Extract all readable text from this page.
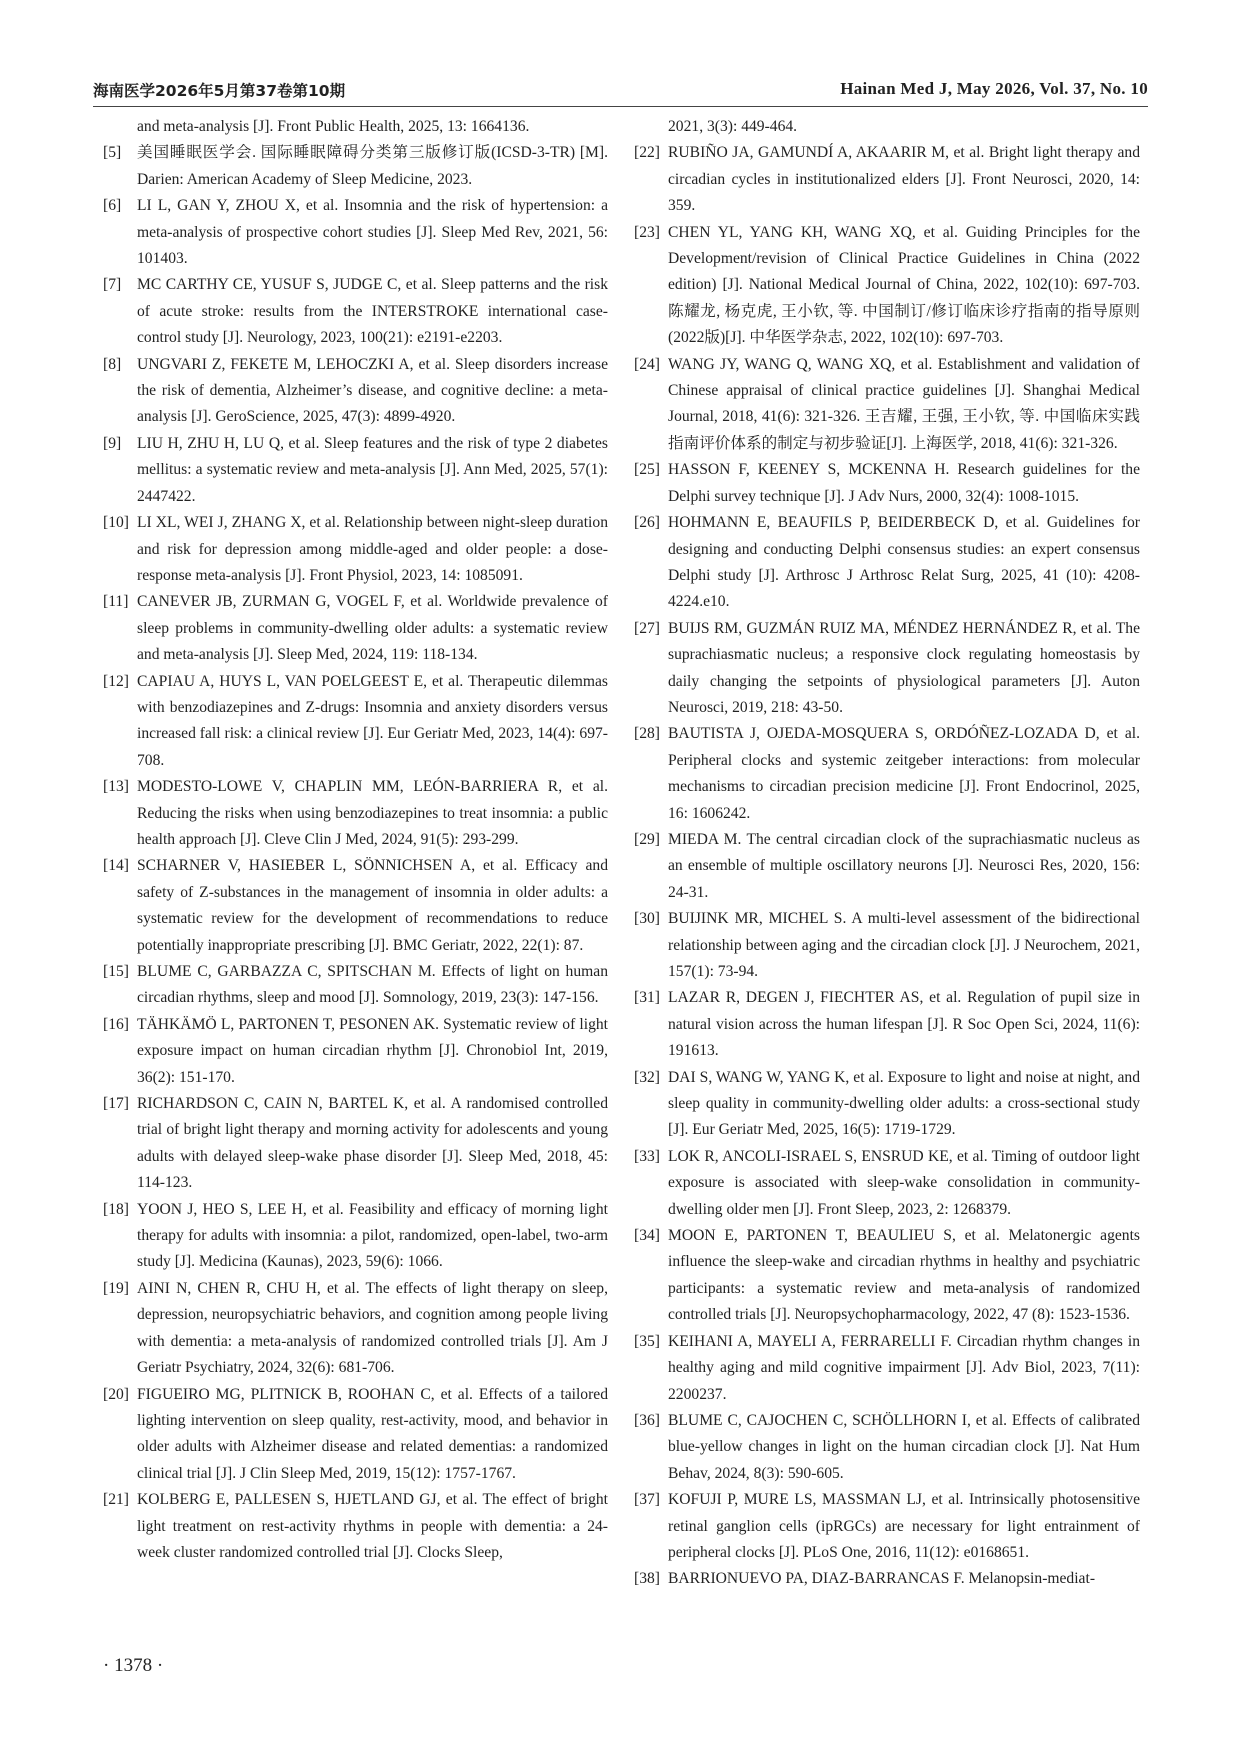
海南医学2026年5月第37卷第10期	Hainan Med J, May 2026, Vol. 37, No. 10
and meta-analysis [J]. Front Public Health, 2025, 13: 1664136.
[5] 美国睡眠医学会. 国际睡眠障碍分类第三版修订版(ICSD-3-TR) [M]. Darien: American Academy of Sleep Medicine, 2023.
[6] LI L, GAN Y, ZHOU X, et al. Insomnia and the risk of hypertension: a meta-analysis of prospective cohort studies [J]. Sleep Med Rev, 2021, 56: 101403.
[7] MC CARTHY CE, YUSUF S, JUDGE C, et al. Sleep patterns and the risk of acute stroke: results from the INTERSTROKE international case-control study [J]. Neurology, 2023, 100(21): e2191-e2203.
[8] UNGVARI Z, FEKETE M, LEHOCZKI A, et al. Sleep disorders increase the risk of dementia, Alzheimer’s disease, and cognitive decline: a meta-analysis [J]. GeroScience, 2025, 47(3): 4899-4920.
[9] LIU H, ZHU H, LU Q, et al. Sleep features and the risk of type 2 diabetes mellitus: a systematic review and meta-analysis [J]. Ann Med, 2025, 57(1): 2447422.
[10] LI XL, WEI J, ZHANG X, et al. Relationship between night-sleep duration and risk for depression among middle-aged and older people: a dose-response meta-analysis [J]. Front Physiol, 2023, 14: 1085091.
[11] CANEVER JB, ZURMAN G, VOGEL F, et al. Worldwide prevalence of sleep problems in community-dwelling older adults: a systematic review and meta-analysis [J]. Sleep Med, 2024, 119: 118-134.
[12] CAPIAU A, HUYS L, VAN POELGEEST E, et al. Therapeutic dilemmas with benzodiazepines and Z-drugs: Insomnia and anxiety disorders versus increased fall risk: a clinical review [J]. Eur Geriatr Med, 2023, 14(4): 697-708.
[13] MODESTO-LOWE V, CHAPLIN MM, LEÓN-BARRIERA R, et al. Reducing the risks when using benzodiazepines to treat insomnia: a public health approach [J]. Cleve Clin J Med, 2024, 91(5): 293-299.
[14] SCHARNER V, HASIEBER L, SÖNNICHSEN A, et al. Efficacy and safety of Z-substances in the management of insomnia in older adults: a systematic review for the development of recommendations to reduce potentially inappropriate prescribing [J]. BMC Geriatr, 2022, 22(1): 87.
[15] BLUME C, GARBAZZA C, SPITSCHAN M. Effects of light on human circadian rhythms, sleep and mood [J]. Somnology, 2019, 23(3): 147-156.
[16] TÄHKÄMÖ L, PARTONEN T, PESONEN AK. Systematic review of light exposure impact on human circadian rhythm [J]. Chronobiol Int, 2019, 36(2): 151-170.
[17] RICHARDSON C, CAIN N, BARTEL K, et al. A randomised controlled trial of bright light therapy and morning activity for adolescents and young adults with delayed sleep-wake phase disorder [J]. Sleep Med, 2018, 45: 114-123.
[18] YOON J, HEO S, LEE H, et al. Feasibility and efficacy of morning light therapy for adults with insomnia: a pilot, randomized, open-label, two-arm study [J]. Medicina (Kaunas), 2023, 59(6): 1066.
[19] AINI N, CHEN R, CHU H, et al. The effects of light therapy on sleep, depression, neuropsychiatric behaviors, and cognition among people living with dementia: a meta-analysis of randomized controlled trials [J]. Am J Geriatr Psychiatry, 2024, 32(6): 681-706.
[20] FIGUEIRO MG, PLITNICK B, ROOHAN C, et al. Effects of a tailored lighting intervention on sleep quality, rest-activity, mood, and behavior in older adults with Alzheimer disease and related dementias: a randomized clinical trial [J]. J Clin Sleep Med, 2019, 15(12): 1757-1767.
[21] KOLBERG E, PALLESEN S, HJETLAND GJ, et al. The effect of bright light treatment on rest-activity rhythms in people with dementia: a 24-week cluster randomized controlled trial [J]. Clocks Sleep,
2021, 3(3): 449-464.
[22] RUBIÑO JA, GAMUNDÍ A, AKAARIR M, et al. Bright light therapy and circadian cycles in institutionalized elders [J]. Front Neurosci, 2020, 14: 359.
[23] CHEN YL, YANG KH, WANG XQ, et al. Guiding Principles for the Development/revision of Clinical Practice Guidelines in China (2022 edition) [J]. National Medical Journal of China, 2022, 102(10): 697-703. 陈耀龙, 杨克虎, 王小钦, 等. 中国制订/修订临床诊疗指南的指导原则(2022版)[J]. 中华医学杂志, 2022, 102(10): 697-703.
[24] WANG JY, WANG Q, WANG XQ, et al. Establishment and validation of Chinese appraisal of clinical practice guidelines [J]. Shanghai Medical Journal, 2018, 41(6): 321-326. 王吉耀, 王强, 王小钦, 等. 中国临床实践指南评价体系的制定与初步验证[J]. 上海医学, 2018, 41(6): 321-326.
[25] HASSON F, KEENEY S, MCKENNA H. Research guidelines for the Delphi survey technique [J]. J Adv Nurs, 2000, 32(4): 1008-1015.
[26] HOHMANN E, BEAUFILS P, BEIDERBECK D, et al. Guidelines for designing and conducting Delphi consensus studies: an expert consensus Delphi study [J]. Arthrosc J Arthrosc Relat Surg, 2025, 41 (10): 4208-4224.e10.
[27] BUIJS RM, GUZMÁN RUIZ MA, MÉNDEZ HERNÁNDEZ R, et al. The suprachiasmatic nucleus; a responsive clock regulating homeostasis by daily changing the setpoints of physiological parameters [J]. Auton Neurosci, 2019, 218: 43-50.
[28] BAUTISTA J, OJEDA-MOSQUERA S, ORDÓÑEZ-LOZADA D, et al. Peripheral clocks and systemic zeitgeber interactions: from molecular mechanisms to circadian precision medicine [J]. Front Endocrinol, 2025, 16: 1606242.
[29] MIEDA M. The central circadian clock of the suprachiasmatic nucleus as an ensemble of multiple oscillatory neurons [J]. Neurosci Res, 2020, 156: 24-31.
[30] BUIJINK MR, MICHEL S. A multi-level assessment of the bidirectional relationship between aging and the circadian clock [J]. J Neurochem, 2021, 157(1): 73-94.
[31] LAZAR R, DEGEN J, FIECHTER AS, et al. Regulation of pupil size in natural vision across the human lifespan [J]. R Soc Open Sci, 2024, 11(6): 191613.
[32] DAI S, WANG W, YANG K, et al. Exposure to light and noise at night, and sleep quality in community-dwelling older adults: a cross-sectional study [J]. Eur Geriatr Med, 2025, 16(5): 1719-1729.
[33] LOK R, ANCOLI-ISRAEL S, ENSRUD KE, et al. Timing of outdoor light exposure is associated with sleep-wake consolidation in community-dwelling older men [J]. Front Sleep, 2023, 2: 1268379.
[34] MOON E, PARTONEN T, BEAULIEU S, et al. Melatonergic agents influence the sleep-wake and circadian rhythms in healthy and psychiatric participants: a systematic review and meta-analysis of randomized controlled trials [J]. Neuropsychopharmacology, 2022, 47 (8): 1523-1536.
[35] KEIHANI A, MAYELI A, FERRARELLI F. Circadian rhythm changes in healthy aging and mild cognitive impairment [J]. Adv Biol, 2023, 7(11): 2200237.
[36] BLUME C, CAJOCHEN C, SCHÖLLHORN I, et al. Effects of calibrated blue-yellow changes in light on the human circadian clock [J]. Nat Hum Behav, 2024, 8(3): 590-605.
[37] KOFUJI P, MURE LS, MASSMAN LJ, et al. Intrinsically photosensitive retinal ganglion cells (ipRGCs) are necessary for light entrainment of peripheral clocks [J]. PLoS One, 2016, 11(12): e0168651.
[38] BARRIONUEVO PA, DIAZ-BARRANCAS F. Melanopsin-mediat-
· 1378 ·
